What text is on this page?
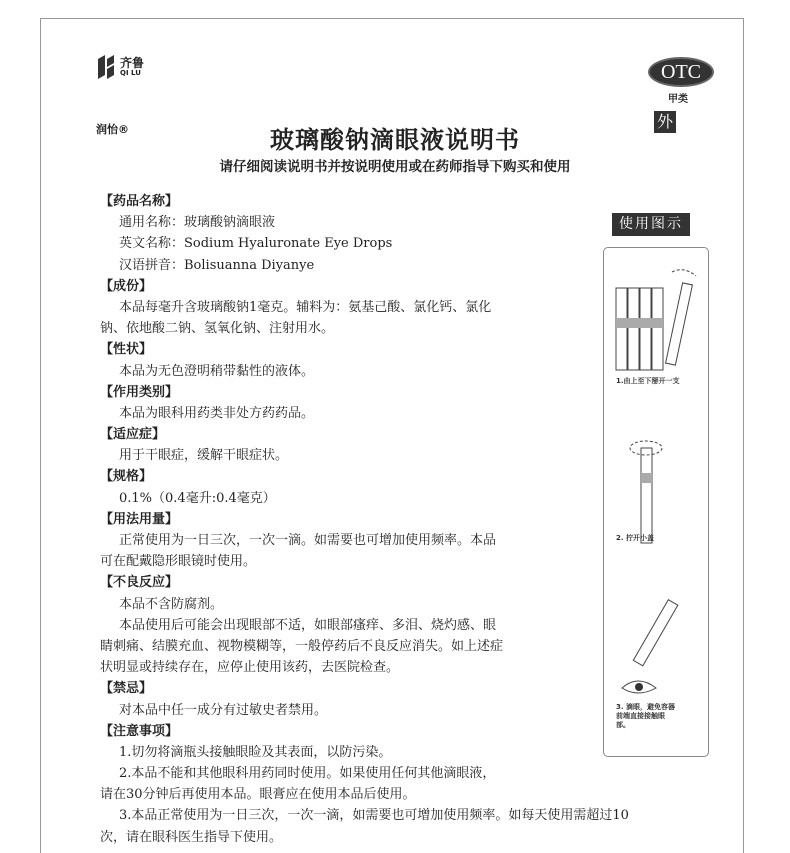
齐鲁
QI LU
润怡®
OTC
甲类
外
玻璃酸钠滴眼液说明书
请仔细阅读说明书并按说明使用或在药师指导下购买和使用
【药品名称】
通用名称：玻璃酸钠滴眼液
英文名称：Sodium Hyaluronate Eye Drops
汉语拼音：Bolisuanna Diyanye
【成份】
本品每毫升含玻璃酸钠1毫克。辅料为：氨基己酸、氯化钙、氯化
钠、依地酸二钠、氢氧化钠、注射用水。
【性状】
本品为无色澄明稍带黏性的液体。
【作用类别】
本品为眼科用药类非处方药药品。
【适应症】
用于干眼症，缓解干眼症状。
【规格】
0.1%（0.4毫升:0.4毫克）
【用法用量】
正常使用为一日三次，一次一滴。如需要也可增加使用频率。本品
可在配戴隐形眼镜时使用。
【不良反应】
本品不含防腐剂。
本品使用后可能会出现眼部不适，如眼部瘙痒、多泪、烧灼感、眼
睛刺痛、结膜充血、视物模糊等，一般停药后不良反应消失。如上述症
状明显或持续存在，应停止使用该药，去医院检查。
【禁忌】
对本品中任一成分有过敏史者禁用。
【注意事项】
1.切勿将滴瓶头接触眼睑及其表面，以防污染。
2.本品不能和其他眼科用药同时使用。如果使用任何其他滴眼液，
请在30分钟后再使用本品。眼膏应在使用本品后使用。
3.本品正常使用为一日三次，一次一滴，如需要也可增加使用频率。如每天使用需超过10
次，请在眼科医生指导下使用。
使用图示
1.由上至下掰开一支
2. 拧开小盖
3. 滴眼，避免容器前端直接接触眼部。
